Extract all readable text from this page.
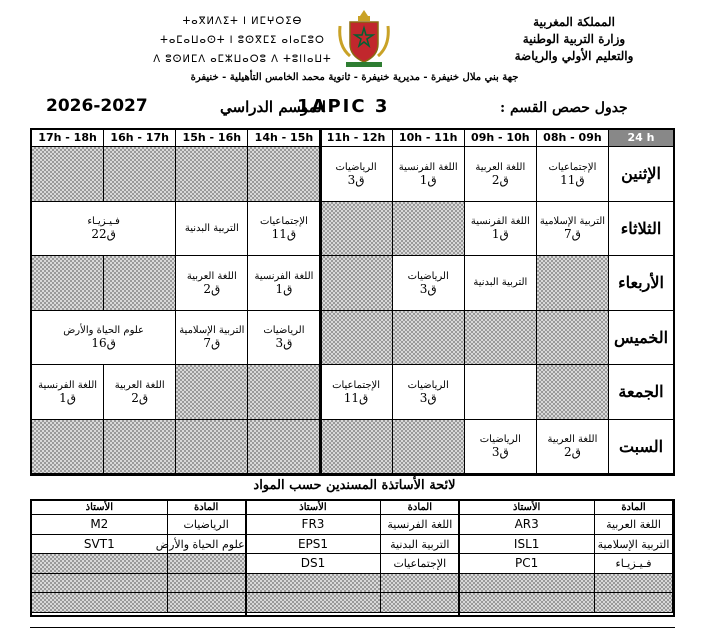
المملكة المغربية
وزارة التربية الوطنية
والتعليم الأولي والرياضة
ⵜⴰⴳⵍⴷⵉⵜ ⵏ ⵍⵎⵖⵔⵉⴱ
ⵜⴰⵎⴰⵡⴰⵙⵜ ⵏ ⵓⵙⴳⵎⵉ ⴰⵏⴰⵎⵓⵔ
ⴷ ⵓⵙⵍⵎⴷ ⴰⵎⵣⵡⴰⵔⵓ ⴷ ⵜⵓⵏⵏⴰⵡⵜ
جهة بني ملال خنيفرة - مديرية خنيفرة - ثانوية محمد الخامس التأهيلية - خنيفرة
الموسم الدراسي
2026-2027	1APIC 3	جدول حصص القسم :
24 h
08h - 09h
09h - 10h
10h - 11h
11h - 12h
14h - 15h
15h - 16h
16h - 17h
17h - 18h
الإثنين
الإجتماعيات
ق11
اللغة العربية
ق2
اللغة الفرنسية
ق1
الرياضيات
ق3
الثلاثاء
التربية الإسلامية
ق7
اللغة الفرنسية
ق1
الإجتماعيات
ق11
التربية البدنية
فـيـزيـاء
ق22
الأربعاء
التربية البدنية
الرياضيات
ق3
اللغة الفرنسية
ق1
اللغة العربية
ق2
الخميس
الرياضيات
ق3
التربية الإسلامية
ق7
علوم الحياة والأرض
ق16
الجمعة
الرياضيات
ق3
الإجتماعيات
ق11
اللغة العربية
ق2
اللغة الفرنسية
ق1
السبت
اللغة العربية
ق2
الرياضيات
ق3
لائحة الأساتذة المسندين حسب المواد
المادة
الأستاذ
اللغة العربية
AR3
التربية الإسلامية
ISL1
فـيـزيـاء
PC1
المادة
الأستاذ
اللغة الفرنسية
FR3
التربية البدنية
EPS1
الإجتماعيات
DS1
المادة
الأستاذ
الرياضيات
M2
علوم الحياة والأرض
SVT1
